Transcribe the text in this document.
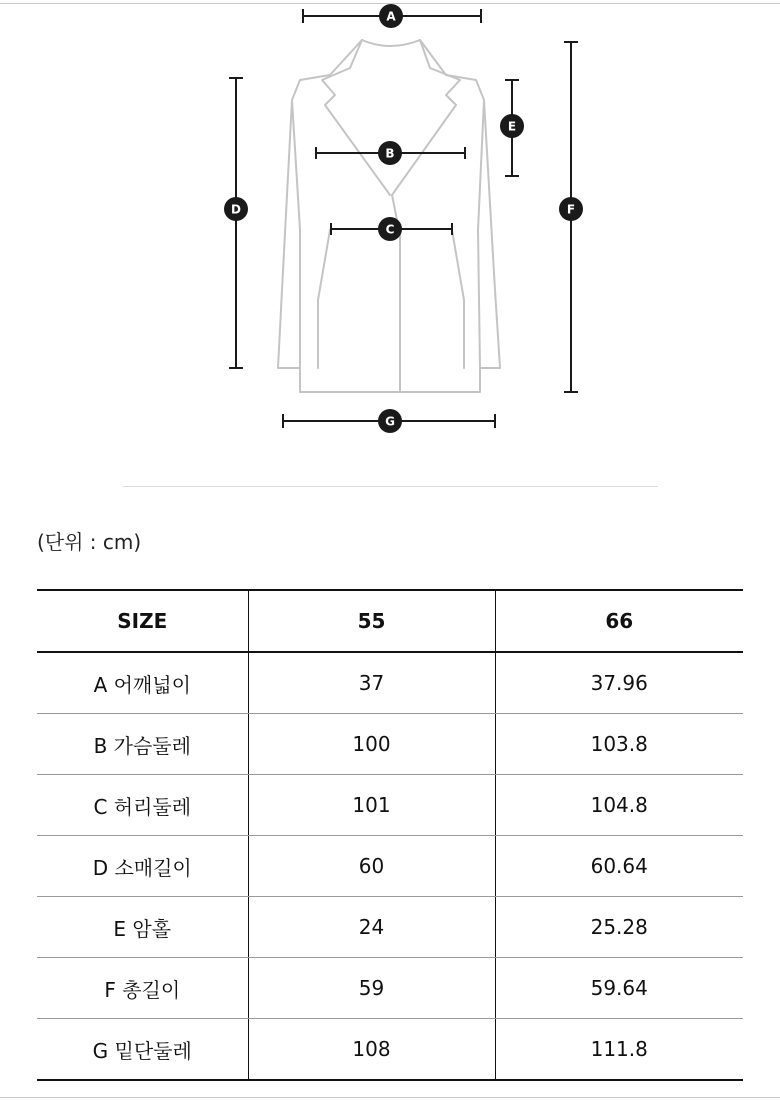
A
B
C
D
E
F
G
(단위 : cm)
SIZE	55	66
A 어깨넓이	37	37.96
B 가슴둘레	100	103.8
C 허리둘레	101	104.8
D 소매길이	60	60.64
E 암홀	24	25.28
F 총길이	59	59.64
G 밑단둘레	108	111.8
